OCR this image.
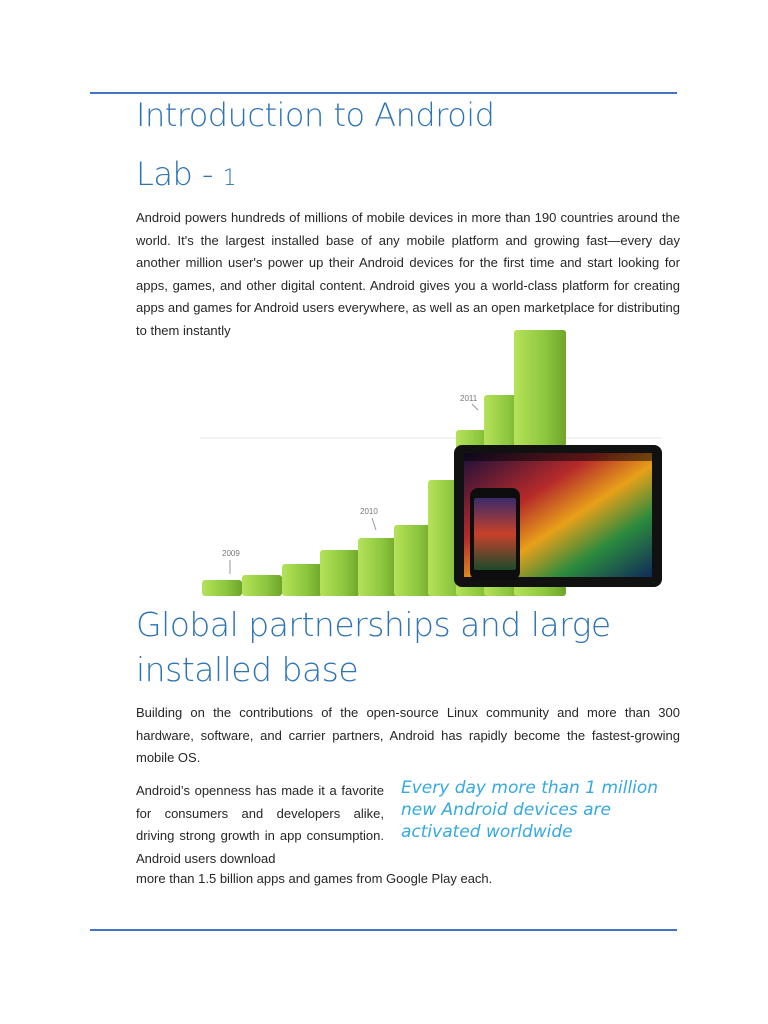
Introduction to Android
Lab - 1

Android powers hundreds of millions of mobile devices in more than 190 countries around the world. It's the largest installed base of any mobile platform and growing fast—every day another million user's power up their Android devices for the first time and start looking for apps, games, and other digital content. Android gives you a world-class platform for creating apps and games for Android users everywhere, as well as an open marketplace for distributing to them instantly

2009
2010
2011
Global partnerships and large installed base

Building on the contributions of the open-source Linux community and more than 300 hardware, software, and carrier partners, Android has rapidly become the fastest-growing mobile OS.

Android’s openness has made it a favorite for consumers and developers alike, driving strong growth in app consumption. Android users download

Every day more than 1 million new Android devices are activated worldwide

more than 1.5 billion apps and games from Google Play each.
